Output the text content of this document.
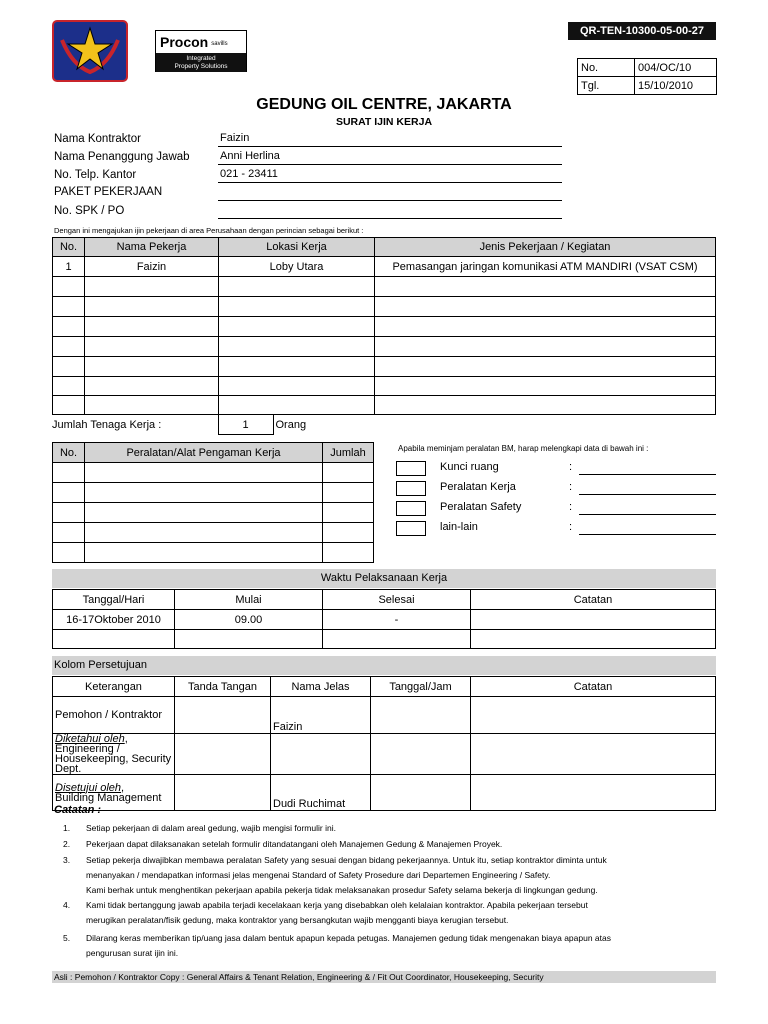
Procon savills
Integrated
Property Solutions
QR-TEN-10300-05-00-27
No.	004/OC/10
Tgl.	15/10/2010
GEDUNG OIL CENTRE, JAKARTA
SURAT IJIN KERJA
Nama Kontraktor	Faizin
Nama Penanggung Jawab	Anni Herlina
No. Telp. Kantor	021 - 23411
PAKET PEKERJAAN
No. SPK / PO
Dengan ini mengajukan ijin pekerjaan di area Perusahaan dengan perincian sebagai berikut :
No.	Nama Pekerja	Lokasi Kerja	Jenis Pekerjaan / Kegiatan
1	Faizin	Loby Utara	Pemasangan jaringan komunikasi ATM MANDIRI (VSAT CSM)

Jumlah Tenaga Kerja :	1	Orang
No.	Peralatan/Alat Pengaman Kerja	Jumlah

			Apabila meminjam peralatan BM, harap melengkapi data di bawah ini :
Kunci ruang	:
Peralatan Kerja	:
Peralatan Safety	:
lain-lain	:
Waktu Pelaksanaan Kerja
Tanggal/Hari	Mulai	Selesai	Catatan
16-17Oktober 2010	09.00	-	

Kolom Persetujuan
Keterangan	Tanda Tangan	Nama Jelas	Tanggal/Jam	Catatan
Pemohon / Kontraktor		Faizin		
Diketahui oleh, Engineering / Housekeeping, Security Dept.				
Disetujui oleh,
Building Management		Dudi Ruchimat		
Catatan :
1. Setiap pekerjaan di dalam areal gedung, wajib mengisi formulir ini.
2. Pekerjaan dapat dilaksanakan setelah formulir ditandatangani oleh Manajemen Gedung & Manajemen Proyek.
3. Setiap pekerja diwajibkan membawa peralatan Safety yang sesuai dengan bidang pekerjaannya. Untuk itu, setiap kontraktor diminta untuk
menanyakan / mendapatkan informasi jelas mengenai Standard of Safety Prosedure dari Departemen Engineering / Safety.
Kami berhak untuk menghentikan pekerjaan apabila pekerja tidak melaksanakan prosedur Safety selama bekerja di lingkungan gedung.
4. Kami tidak bertanggung jawab apabila terjadi kecelakaan kerja yang disebabkan oleh kelalaian kontraktor. Apabila pekerjaan tersebut
merugikan peralatan/fisik gedung, maka kontraktor yang bersangkutan wajib mengganti biaya kerugian tersebut.
5. Dilarang keras memberikan tip/uang jasa dalam bentuk apapun kepada petugas. Manajemen gedung tidak mengenakan biaya apapun atas
pengurusan surat ijin ini.
Asli : Pemohon / Kontraktor Copy : General Affairs & Tenant Relation, Engineering & / Fit Out Coordinator, Housekeeping, Security
